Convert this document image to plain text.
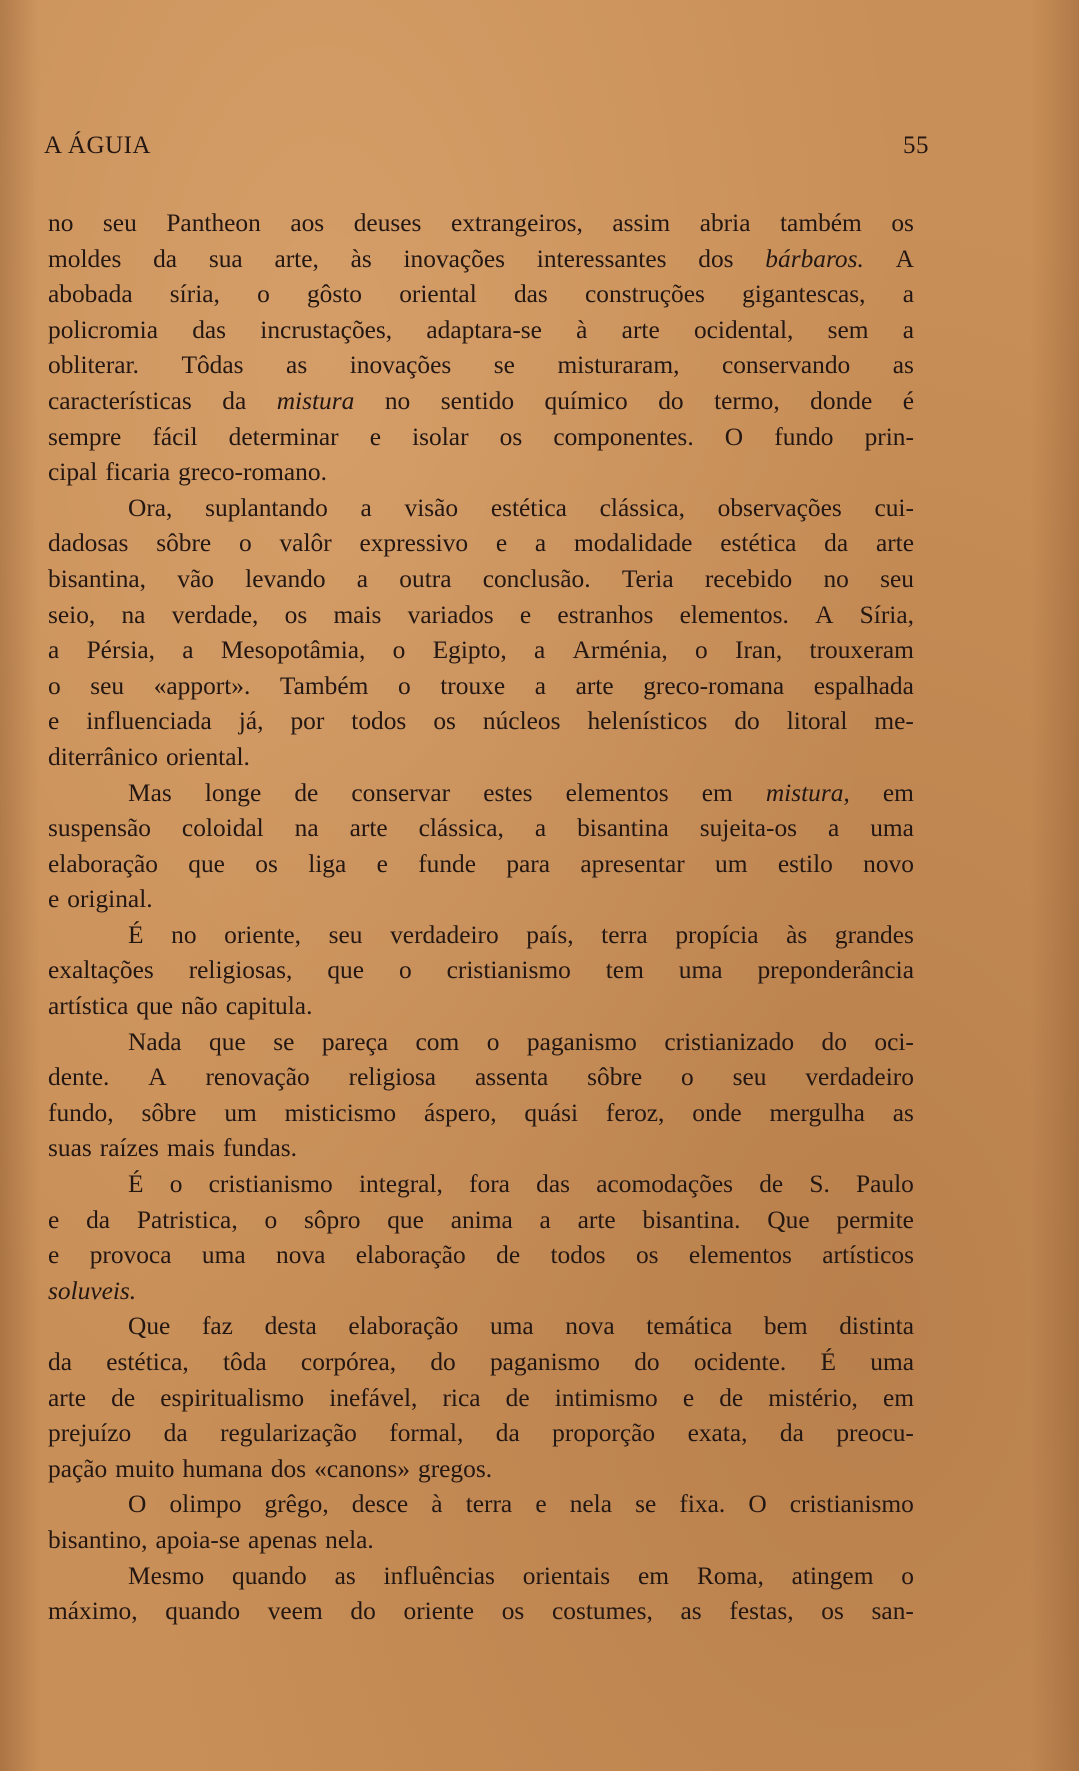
A ÁGUIA	55
no seu Pantheon aos deuses extrangeiros, assim abria também os
moldes da sua arte, às inovações interessantes dos bárbaros. A
abobada síria, o gôsto oriental das construções gigantescas, a
policromia das incrustações, adaptara-se à arte ocidental, sem a
obliterar. Tôdas as inovações se misturaram, conservando as
características da mistura no sentido químico do termo, donde é
sempre fácil determinar e isolar os componentes. O fundo prin-
cipal ficaria greco-romano.
Ora, suplantando a visão estética clássica, observações cui-
dadosas sôbre o valôr expressivo e a modalidade estética da arte
bisantina, vão levando a outra conclusão. Teria recebido no seu
seio, na verdade, os mais variados e estranhos elementos. A Síria,
a Pérsia, a Mesopotâmia, o Egipto, a Arménia, o Iran, trouxeram
o seu «apport». Também o trouxe a arte greco-romana espalhada
e influenciada já, por todos os núcleos helenísticos do litoral me-
diterrânico oriental.
Mas longe de conservar estes elementos em mistura, em
suspensão coloidal na arte clássica, a bisantina sujeita-os a uma
elaboração que os liga e funde para apresentar um estilo novo
e original.
É no oriente, seu verdadeiro país, terra propícia às grandes
exaltações religiosas, que o cristianismo tem uma preponderância
artística que não capitula.
Nada que se pareça com o paganismo cristianizado do oci-
dente. A renovação religiosa assenta sôbre o seu verdadeiro
fundo, sôbre um misticismo áspero, quási feroz, onde mergulha as
suas raízes mais fundas.
É o cristianismo integral, fora das acomodações de S. Paulo
e da Patristica, o sôpro que anima a arte bisantina. Que permite
e provoca uma nova elaboração de todos os elementos artísticos
soluveis.
Que faz desta elaboração uma nova temática bem distinta
da estética, tôda corpórea, do paganismo do ocidente. É uma
arte de espiritualismo inefável, rica de intimismo e de mistério, em
prejuízo da regularização formal, da proporção exata, da preocu-
pação muito humana dos «canons» gregos.
O olimpo grêgo, desce à terra e nela se fixa. O cristianismo
bisantino, apoia-se apenas nela.
Mesmo quando as influências orientais em Roma, atingem o
máximo, quando veem do oriente os costumes, as festas, os san-
